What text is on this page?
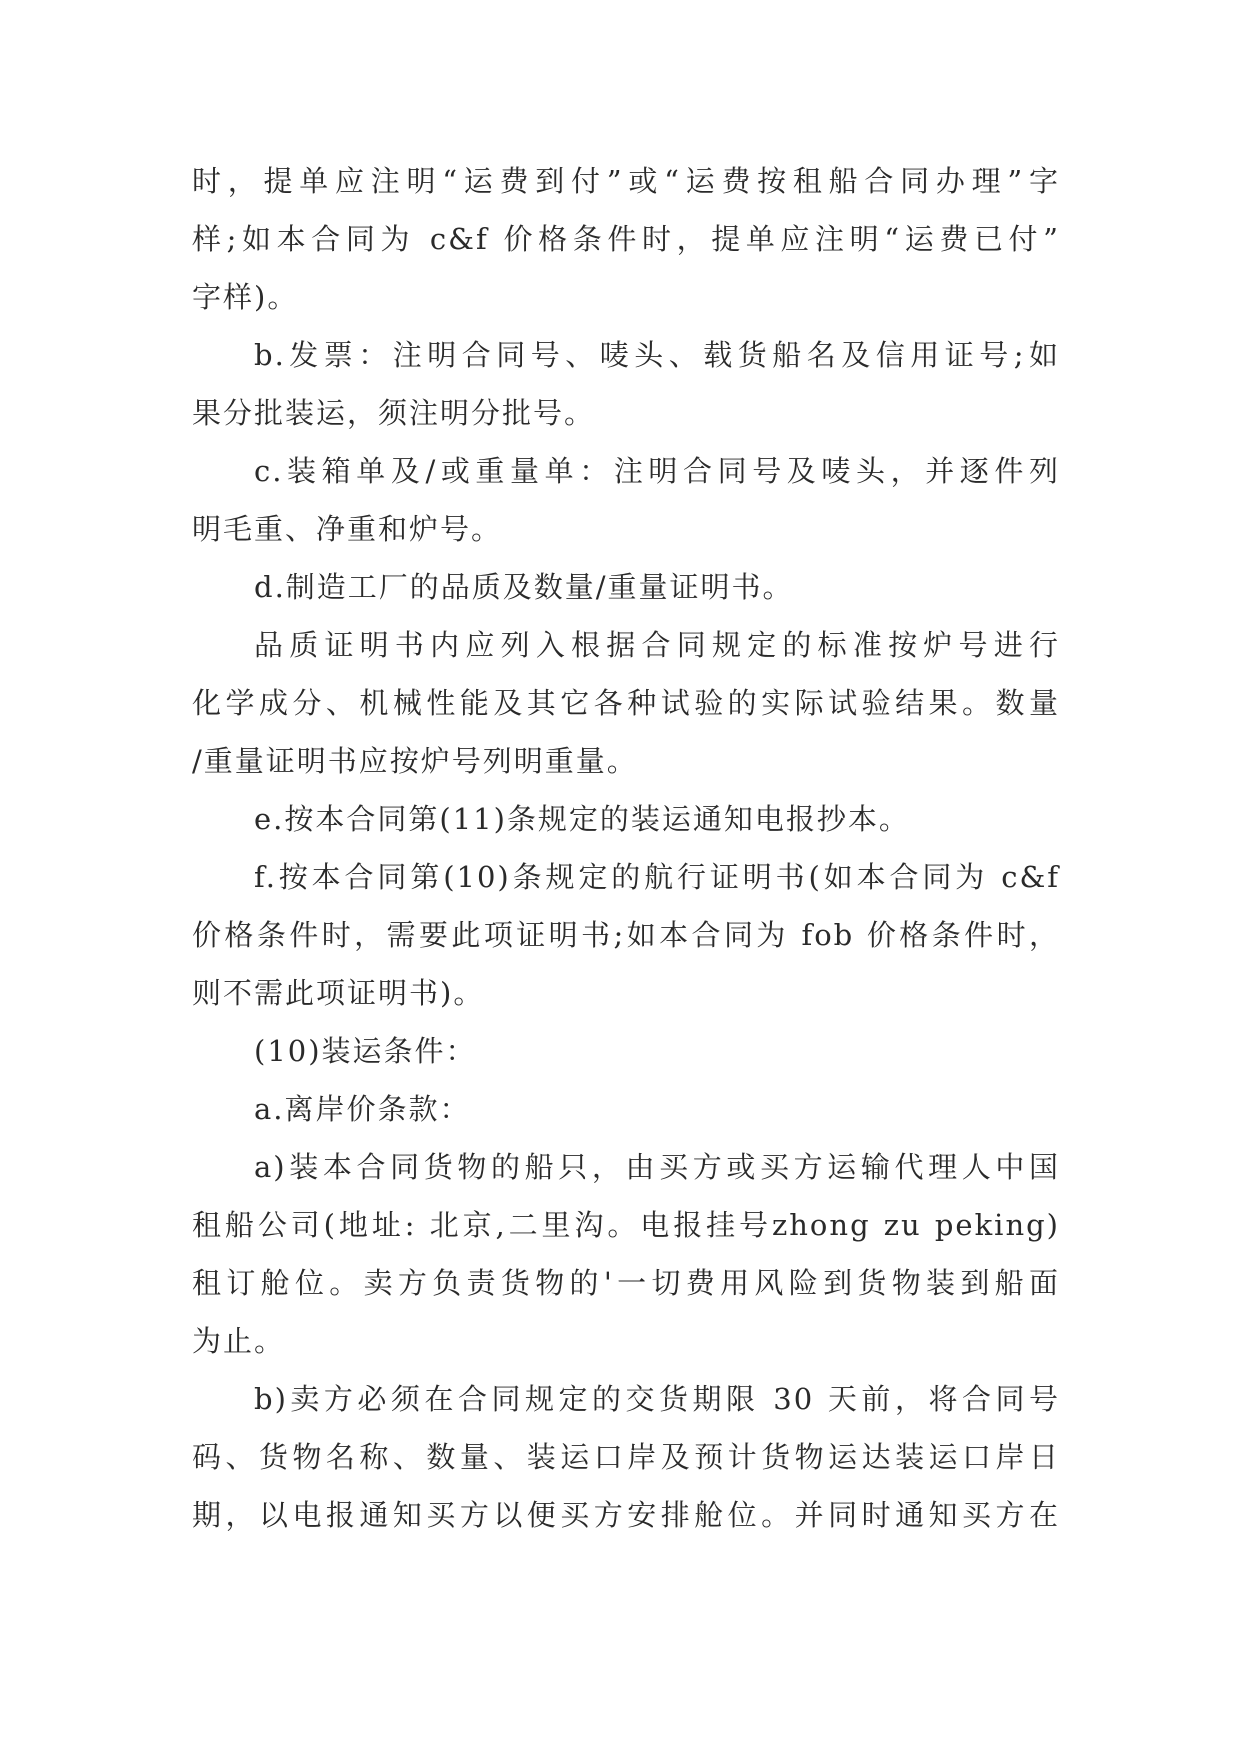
时，提单应注明“运费到付”或“运费按租船合同办理”字
样;如本合同为 c&f 价格条件时，提单应注明“运费已付”
字样)。
b.发票：注明合同号、唛头、载货船名及信用证号;如
果分批装运，须注明分批号。
c.装箱单及/或重量单：注明合同号及唛头，并逐件列
明毛重、净重和炉号。
d.制造工厂的品质及数量/重量证明书。
品质证明书内应列入根据合同规定的标准按炉号进行
化学成分、机械性能及其它各种试验的实际试验结果。数量
/重量证明书应按炉号列明重量。
e.按本合同第(11)条规定的装运通知电报抄本。
f.按本合同第(10)条规定的航行证明书(如本合同为 c&f
价格条件时，需要此项证明书;如本合同为 fob 价格条件时，
则不需此项证明书)。
(10)装运条件：
a.离岸价条款：
a)装本合同货物的船只，由买方或买方运输代理人中国
租船公司(地址: 北京,二里沟。电报挂号zhong zu peking)
租订舱位。卖方负责货物的'一切费用风险到货物装到船面
为止。
b)卖方必须在合同规定的交货期限 30 天前，将合同号
码、货物名称、数量、装运口岸及预计货物运达装运口岸日
期，以电报通知买方以便买方安排舱位。并同时通知买方在
